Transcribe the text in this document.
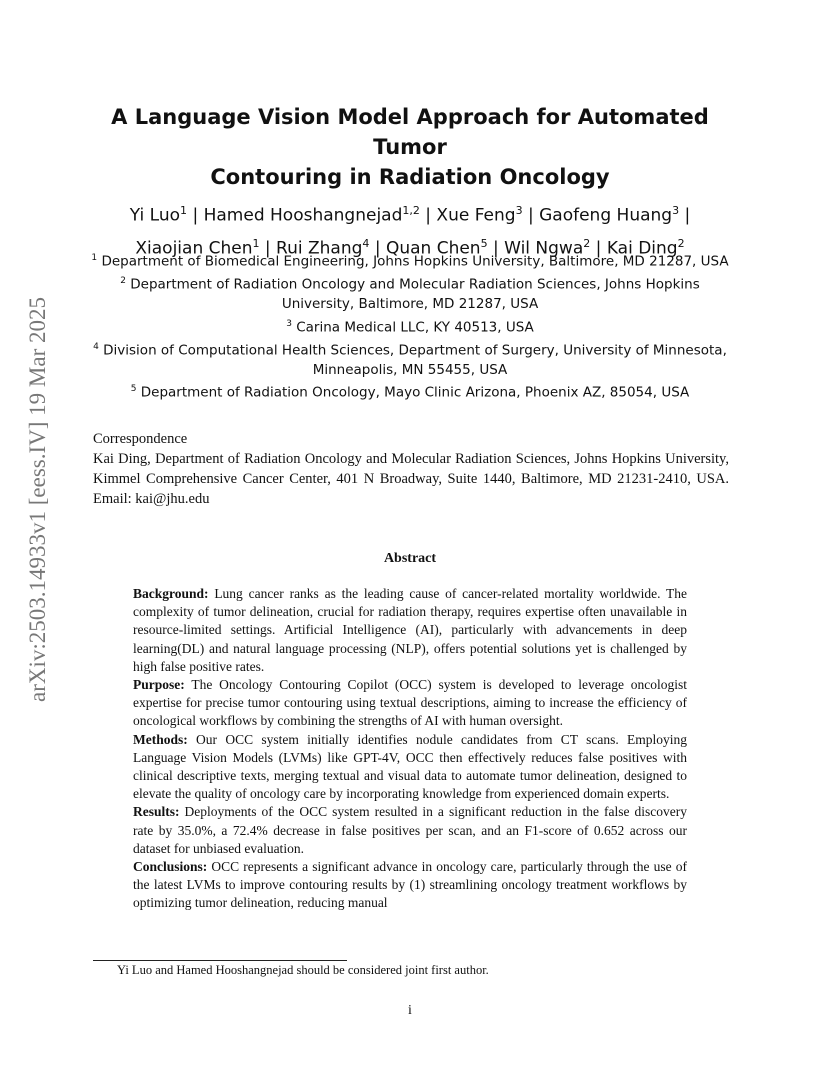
arXiv:2503.14933v1 [eess.IV] 19 Mar 2025
A Language Vision Model Approach for Automated Tumor
Contouring in Radiation Oncology
Yi Luo$^1$ | Hamed Hooshangnejad$^{1,2}$ | Xue Feng$^3$ | Gaofeng Huang$^3$ |
Xiaojian Chen$^1$ | Rui Zhang$^4$ | Quan Chen$^5$ | Wil Ngwa$^2$ | Kai Ding$^2$
$^1$ Department of Biomedical Engineering, Johns Hopkins University, Baltimore, MD 21287, USA
$^2$ Department of Radiation Oncology and Molecular Radiation Sciences, Johns Hopkins
University, Baltimore, MD 21287, USA
$^3$ Carina Medical LLC, KY 40513, USA
$^4$ Division of Computational Health Sciences, Department of Surgery, University of Minnesota,
Minneapolis, MN 55455, USA
$^5$ Department of Radiation Oncology, Mayo Clinic Arizona, Phoenix AZ, 85054, USA
Correspondence
Kai Ding, Department of Radiation Oncology and Molecular Radiation Sciences, Johns Hopkins University, Kimmel Comprehensive Cancer Center, 401 N Broadway, Suite 1440, Baltimore, MD 21231-2410, USA. Email: kai@jhu.edu
Abstract

Background: Lung cancer ranks as the leading cause of cancer-related mortality worldwide. The complexity of tumor delineation, crucial for radiation therapy, requires expertise often unavailable in resource-limited settings. Artificial Intelligence (AI), particularly with advancements in deep learning(DL) and natural language processing (NLP), offers potential solutions yet is challenged by high false positive rates.

Purpose: The Oncology Contouring Copilot (OCC) system is developed to leverage oncologist expertise for precise tumor contouring using textual descriptions, aiming to increase the efficiency of oncological workflows by combining the strengths of AI with human oversight.

Methods: Our OCC system initially identifies nodule candidates from CT scans. Employing Language Vision Models (LVMs) like GPT-4V, OCC then effectively reduces false positives with clinical descriptive texts, merging textual and visual data to automate tumor delineation, designed to elevate the quality of oncology care by incorporating knowledge from experienced domain experts.

Results: Deployments of the OCC system resulted in a significant reduction in the false discovery rate by 35.0%, a 72.4% decrease in false positives per scan, and an F1-score of 0.652 across our dataset for unbiased evaluation.

Conclusions: OCC represents a significant advance in oncology care, particularly through the use of the latest LVMs to improve contouring results by (1) streamlining oncology treatment workflows by optimizing tumor delineation, reducing manual

Yi Luo and Hamed Hooshangnejad should be considered joint first author.
i
